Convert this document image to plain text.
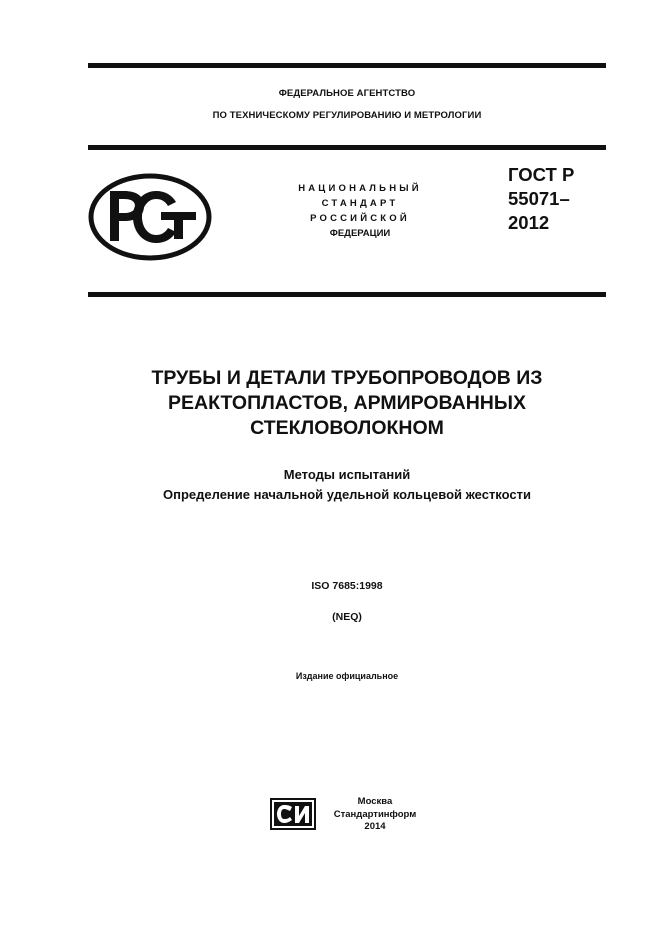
ФЕДЕРАЛЬНОЕ АГЕНТСТВО
ПО ТЕХНИЧЕСКОМУ РЕГУЛИРОВАНИЮ И МЕТРОЛОГИИ
НАЦИОНАЛЬНЫЙ
СТАНДАРТ
РОССИЙСКОЙ
ФЕДЕРАЦИИ
ГОСТ Р
55071–
2012
ТРУБЫ И ДЕТАЛИ ТРУБОПРОВОДОВ ИЗ
РЕАКТОПЛАСТОВ, АРМИРОВАННЫХ
СТЕКЛОВОЛОКНОМ
Методы испытаний
Определение начальной удельной кольцевой жесткости
ISO 7685:1998
(NEQ)
Издание официальное
Москва
Стандартинформ
2014
